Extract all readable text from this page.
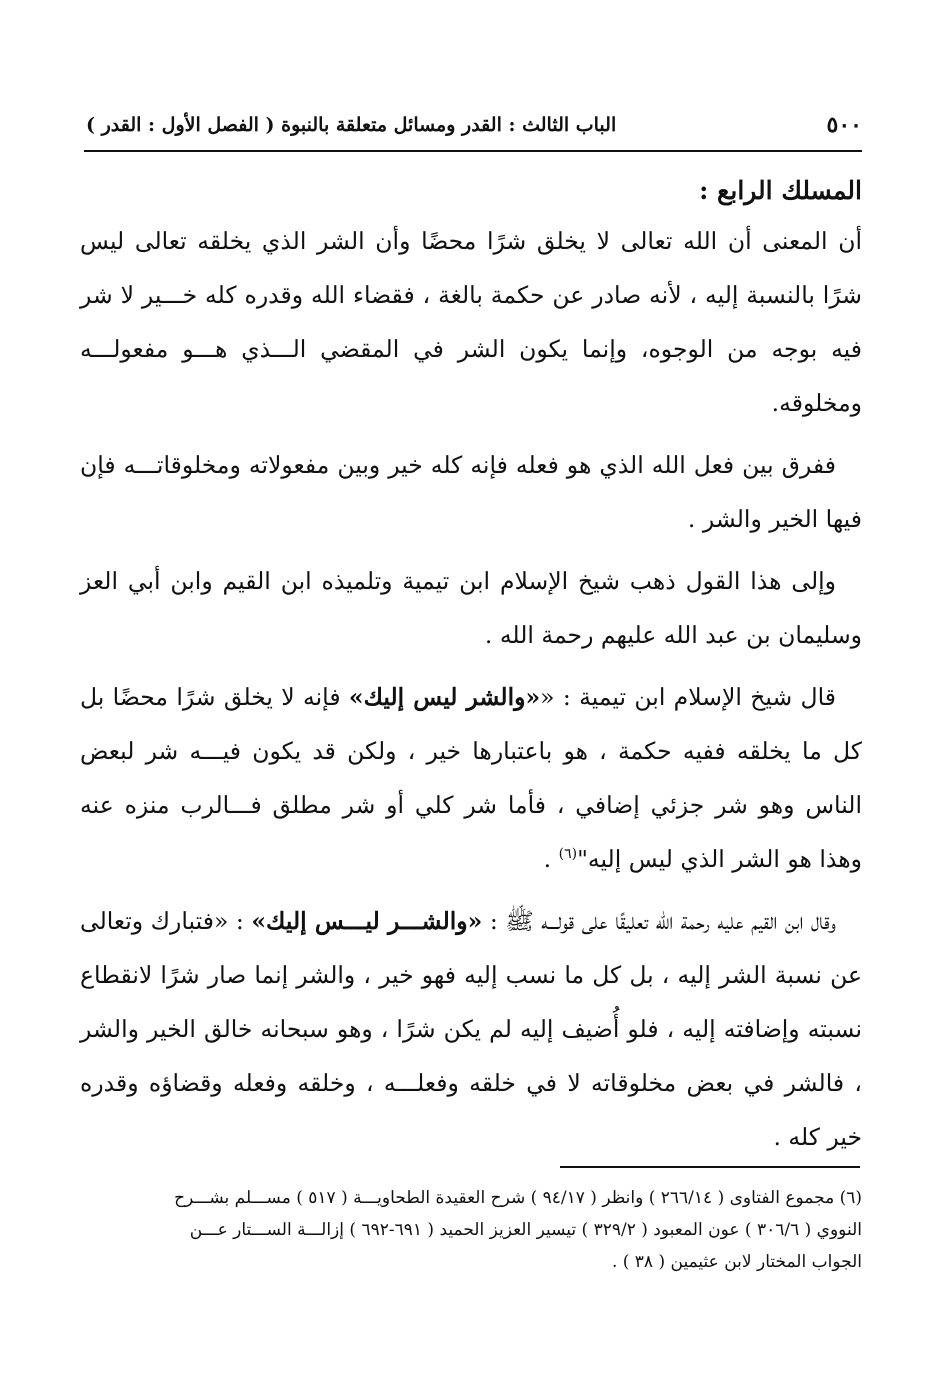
٥٠٠
الباب الثالث : القدر ومسائل متعلقة بالنبوة ( الفصل الأول : القدر )

المسلك الرابع :

أن المعنى أن الله تعالى لا يخلق شرًا محضًا وأن الشر الذي يخلقه تعالى ليس شرًا بالنسبة إليه ، لأنه صادر عن حكمة بالغة ، فقضاء الله وقدره كله خـــير لا شر فيه بوجه من الوجوه، وإنما يكون الشر في المقضي الـــذي هـــو مفعولـــه ومخلوقه.

ففرق بين فعل الله الذي هو فعله فإنه كله خير وبين مفعولاته ومخلوقاتـــه فإن فيها الخير والشر .

وإلى هذا القول ذهب شيخ الإسلام ابن تيمية وتلميذه ابن القيم وابن أبي العز وسليمان بن عبد الله عليهم رحمة الله .

قال شيخ الإسلام ابن تيمية : ««والشر ليس إليك» فإنه لا يخلق شرًا محضًا بل كل ما يخلقه ففيه حكمة ، هو باعتبارها خير ، ولكن قد يكون فيـــه شر لبعض الناس وهو شر جزئي إضافي ، فأما شر كلي أو شر مطلق فـــالرب منزه عنه وهذا هو الشر الذي ليس إليه"$^{(٦)}$ .

وقال ابن القيم عليه رحمة الله تعليقًا على قولـــه ﷺ : «والشـــر ليـــس إليك» : «فتبارك وتعالى عن نسبة الشر إليه ، بل كل ما نسب إليه فهو خير ، والشر إنما صار شرًا لانقطاع نسبته وإضافته إليه ، فلو أُضيف إليه لم يكن شرًا ، وهو سبحانه خالق الخير والشر ، فالشر في بعض مخلوقاته لا في خلقه وفعلـــه ، وخلقه وفعله وقضاؤه وقدره خير كله .

(٦) مجموع الفتاوى ( ٢٦٦/١٤ ) وانظر ( ٩٤/١٧ ) شرح العقيدة الطحاويـــة ( ٥١٧ ) مســـلم بشـــرح

النووي ( ٣٠٦/٦ ) عون المعبود ( ٣٢٩/٢ ) تيسير العزيز الحميد ( ٦٩١-٦٩٢ ) إزالـــة الســـتار عـــن

الجواب المختار لابن عثيمين ( ٣٨ ) .
